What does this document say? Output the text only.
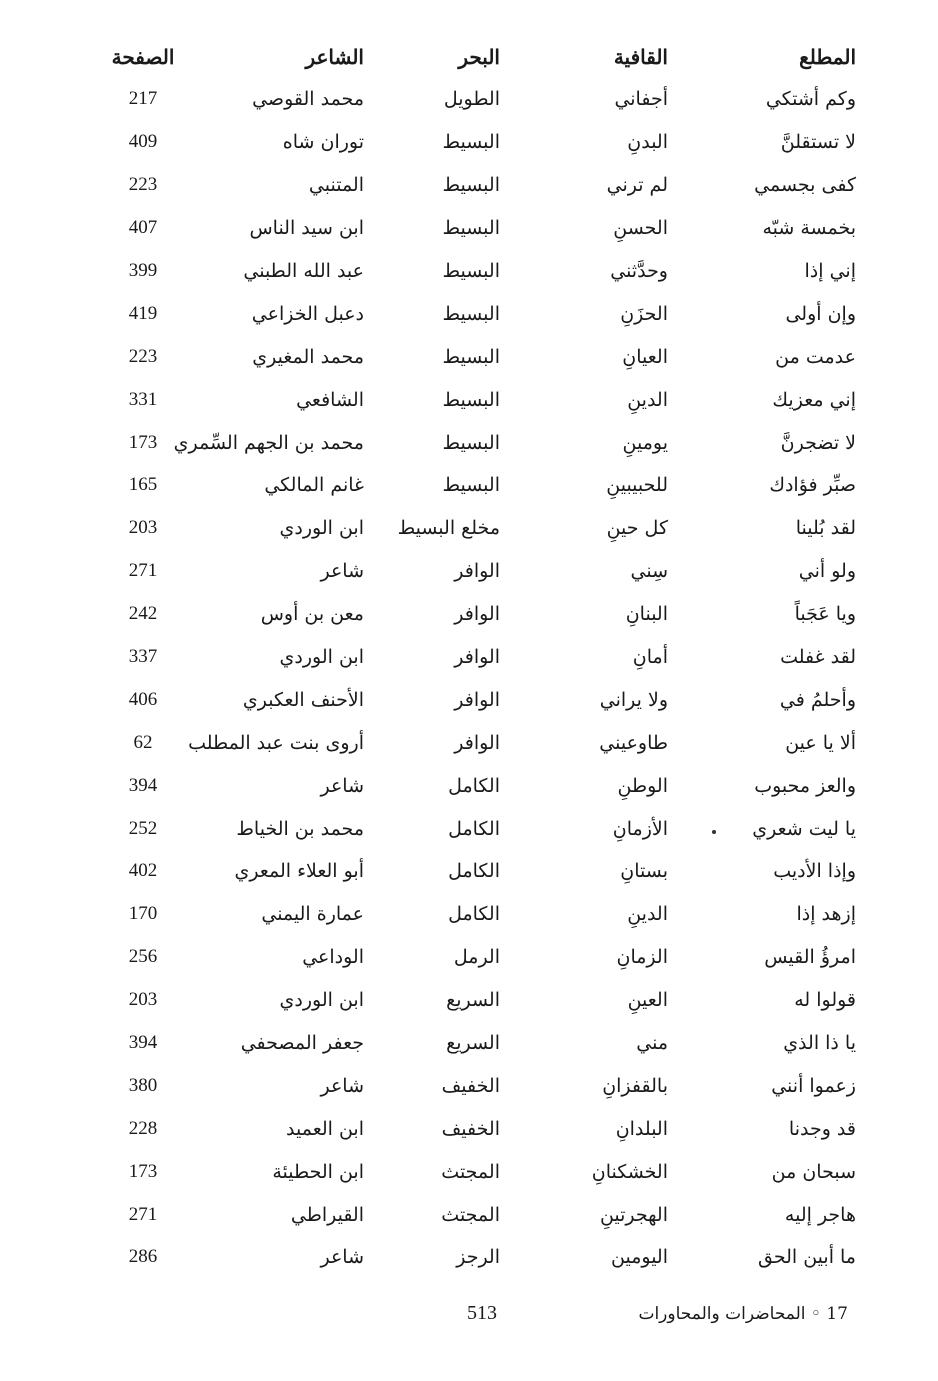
المطلع	القافية	البحر	الشاعر	الصفحة
وكم أشتكي	أجفاني	الطويل	محمد القوصي	217
لا تستقلنَّ	البدنِ	البسيط	توران شاه	409
كفى بجسمي	لم ترني	البسيط	المتنبي	223
بخمسة شبّه	الحسنِ	البسيط	ابن سيد الناس	407
إني إذا	وحدَّثني	البسيط	عبد الله الطبني	399
وإن أولى	الحزَنِ	البسيط	دعبل الخزاعي	419
عدمت من	العيانِ	البسيط	محمد المغيري	223
إني معزيك	الدينِ	البسيط	الشافعي	331
لا تضجرنَّ	يومينِ	البسيط	محمد بن الجهم السِّمري	173
صبِّر فؤادك	للحبيبينِ	البسيط	غانم المالكي	165
لقد بُلينا	كل حينِ	مخلع البسيط	ابن الوردي	203
ولو أني	سِني	الوافر	شاعر	271
ويا عَجَباً	البنانِ	الوافر	معن بن أوس	242
لقد غفلت	أمانِ	الوافر	ابن الوردي	337
وأحلمُ في	ولا يراني	الوافر	الأحنف العكبري	406
ألا يا عين	طاوعيني	الوافر	أروى بنت عبد المطلب	62
والعز محبوب	الوطنِ	الكامل	شاعر	394
يا ليت شعري	الأزمانِ	الكامل	محمد بن الخياط	252
وإذا الأديب	بستانِ	الكامل	أبو العلاء المعري	402
إزهد إذا	الدينِ	الكامل	عمارة اليمني	170
امرؤُ القيس	الزمانِ	الرمل	الوداعي	256
قولوا له	العينِ	السريع	ابن الوردي	203
يا ذا الذي	مني	السريع	جعفر المصحفي	394
زعموا أنني	بالقفزانِ	الخفيف	شاعر	380
قد وجدنا	البلدانِ	الخفيف	ابن العميد	228
سبحان من	الخشكنانِ	المجتث	ابن الحطيئة	173
هاجر إليه	الهجرتينِ	المجتث	القيراطي	271
ما أبين الحق	اليومين	الرجز	شاعر	286
513	17 ◦ المحاضرات والمحاورات
